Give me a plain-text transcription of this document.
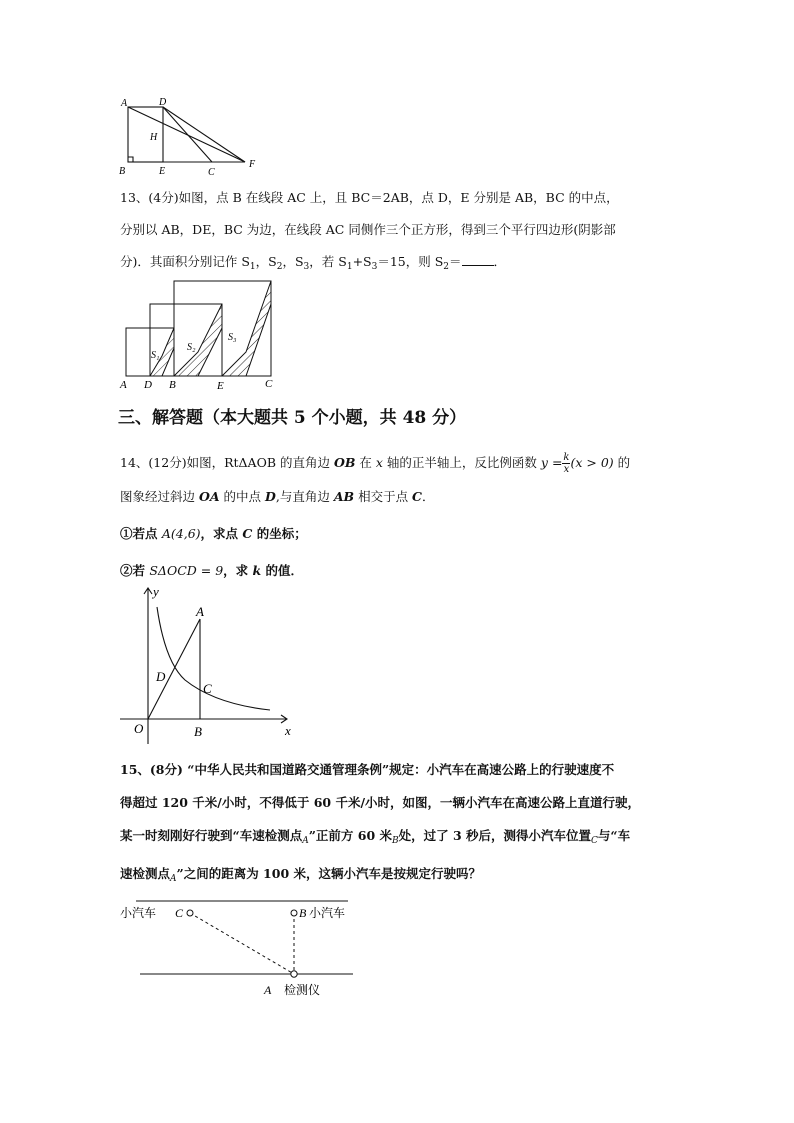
A	D
H
B	E	C
F
13、(4分)如图，点 B 在线段 AC 上，且 BC＝2AB，点 D，E 分别是 AB，BC 的中点，
分别以 AB，DE，BC 为边，在线段 AC 同侧作三个正方形，得到三个平行四边形(阴影部
分)．其面积分别记作 $S_1$，$S_2$，$S_3$，若 $S_1+S_3=15$，则 $S_2=$	．
S₁
S₂
S₃
A D B	E	C
三、解答题（本大题共 5 个小题，共 48 分）
14、(12分)如图，RtΔAOB 的直角边 OB 在 x 轴的正半轴上，反比例函数 $y = \frac{k}{x} (x > 0)$ 的
图象经过斜边 OA 的中点 D,与直角边 AB 相交于点 C．
①若点 A(4,6)，求点 C 的坐标；
②若 SΔOCD = 9，求 k 的值．
y
x
O
A
B
C
D
15、(8分) “中华人民共和国道路交通管理条例”规定：小汽车在高速公路上的行驶速度不
得超过 120 千米/小时，不得低于 60 千米/小时，如图，一辆小汽车在高速公路上直道行驶，
某一时刻刚好行驶到“车速检测点$_A$”正前方 60 米$_B$处，过了 3 秒后，测得小汽车位置$_C$与“车
速检测点$_A$”之间的距离为 100 米，这辆小汽车是按规定行驶吗？
小汽车 C	B 小汽车
A 检测仪
